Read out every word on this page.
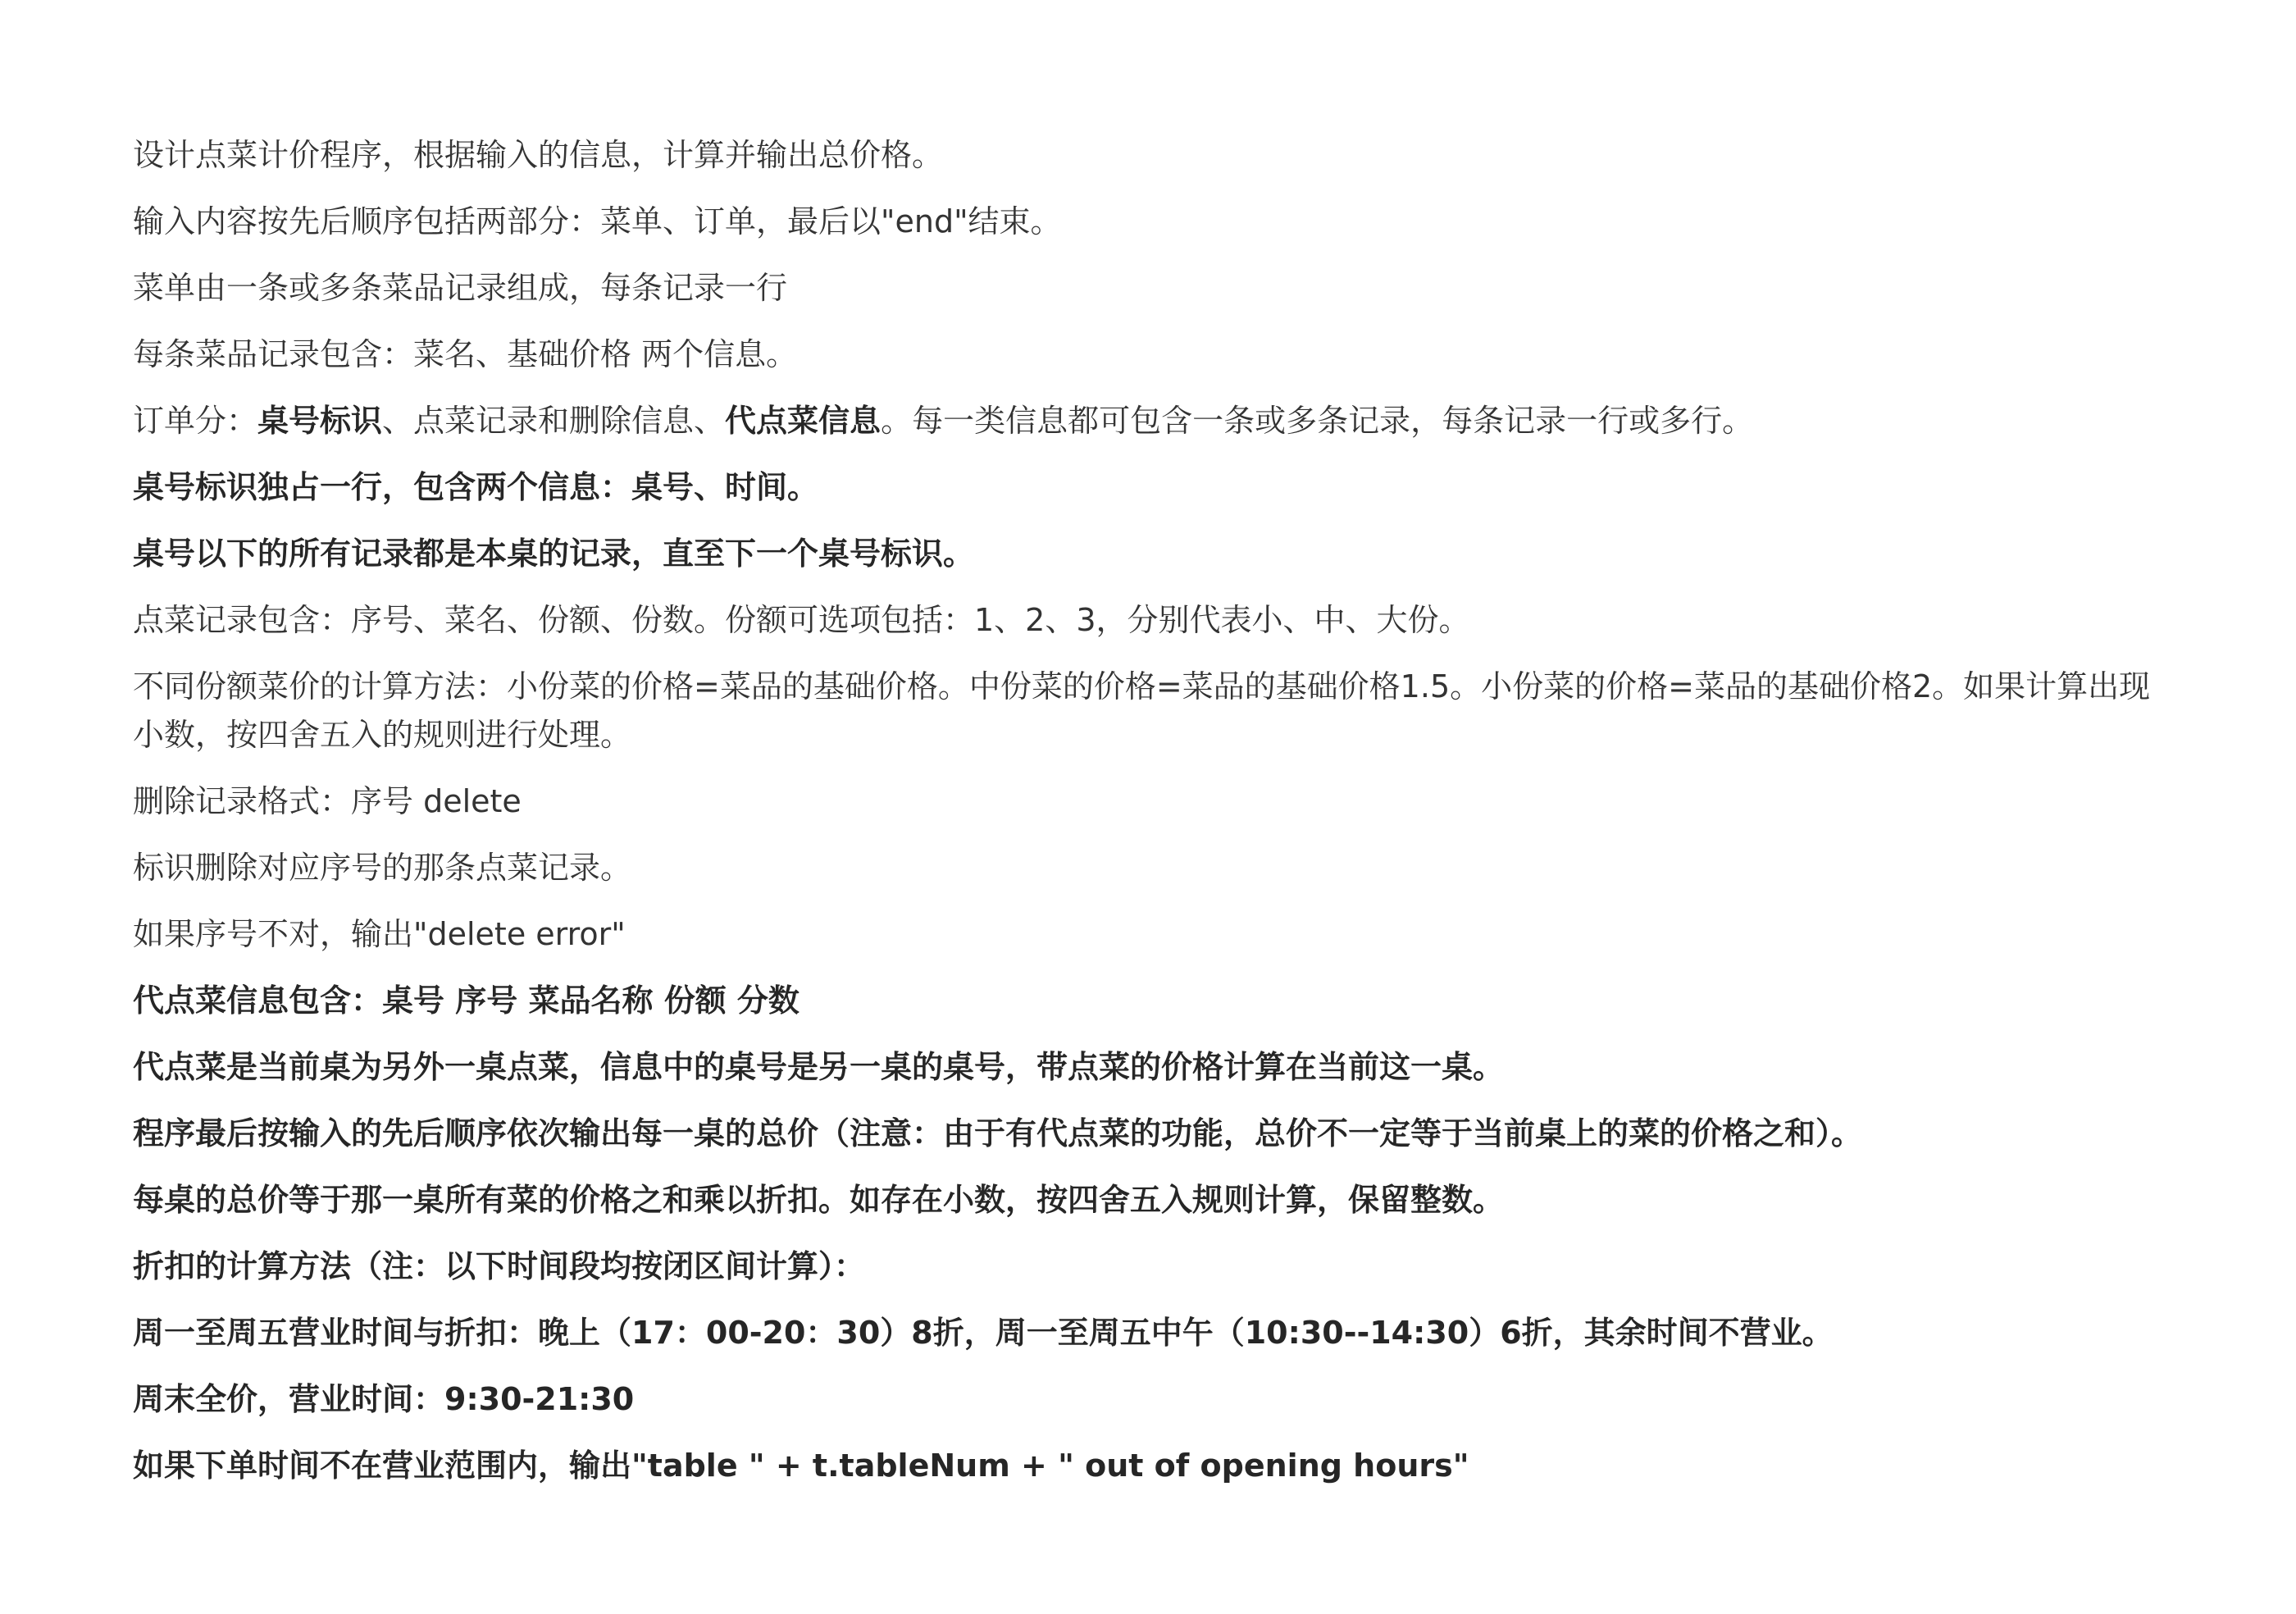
设计点菜计价程序，根据输入的信息，计算并输出总价格。

输入内容按先后顺序包括两部分：菜单、订单，最后以"end"结束。

菜单由一条或多条菜品记录组成，每条记录一行

每条菜品记录包含：菜名、基础价格 两个信息。

订单分：桌号标识、点菜记录和删除信息、代点菜信息。每一类信息都可包含一条或多条记录，每条记录一行或多行。

桌号标识独占一行，包含两个信息：桌号、时间。

桌号以下的所有记录都是本桌的记录，直至下一个桌号标识。

点菜记录包含：序号、菜名、份额、份数。份额可选项包括：1、2、3，分别代表小、中、大份。

不同份额菜价的计算方法：小份菜的价格=菜品的基础价格。中份菜的价格=菜品的基础价格1.5。小份菜的价格=菜品的基础价格2。如果计算出现小数，按四舍五入的规则进行处理。

删除记录格式：序号 delete

标识删除对应序号的那条点菜记录。

如果序号不对，输出"delete error"

代点菜信息包含：桌号 序号 菜品名称 份额 分数

代点菜是当前桌为另外一桌点菜，信息中的桌号是另一桌的桌号，带点菜的价格计算在当前这一桌。

程序最后按输入的先后顺序依次输出每一桌的总价（注意：由于有代点菜的功能，总价不一定等于当前桌上的菜的价格之和）。

每桌的总价等于那一桌所有菜的价格之和乘以折扣。如存在小数，按四舍五入规则计算，保留整数。

折扣的计算方法（注：以下时间段均按闭区间计算）：

周一至周五营业时间与折扣：晚上（17：00-20：30）8折，周一至周五中午（10:30--14:30）6折，其余时间不营业。

周末全价，营业时间：9:30-21:30

如果下单时间不在营业范围内，输出"table " + t.tableNum + " out of opening hours"
